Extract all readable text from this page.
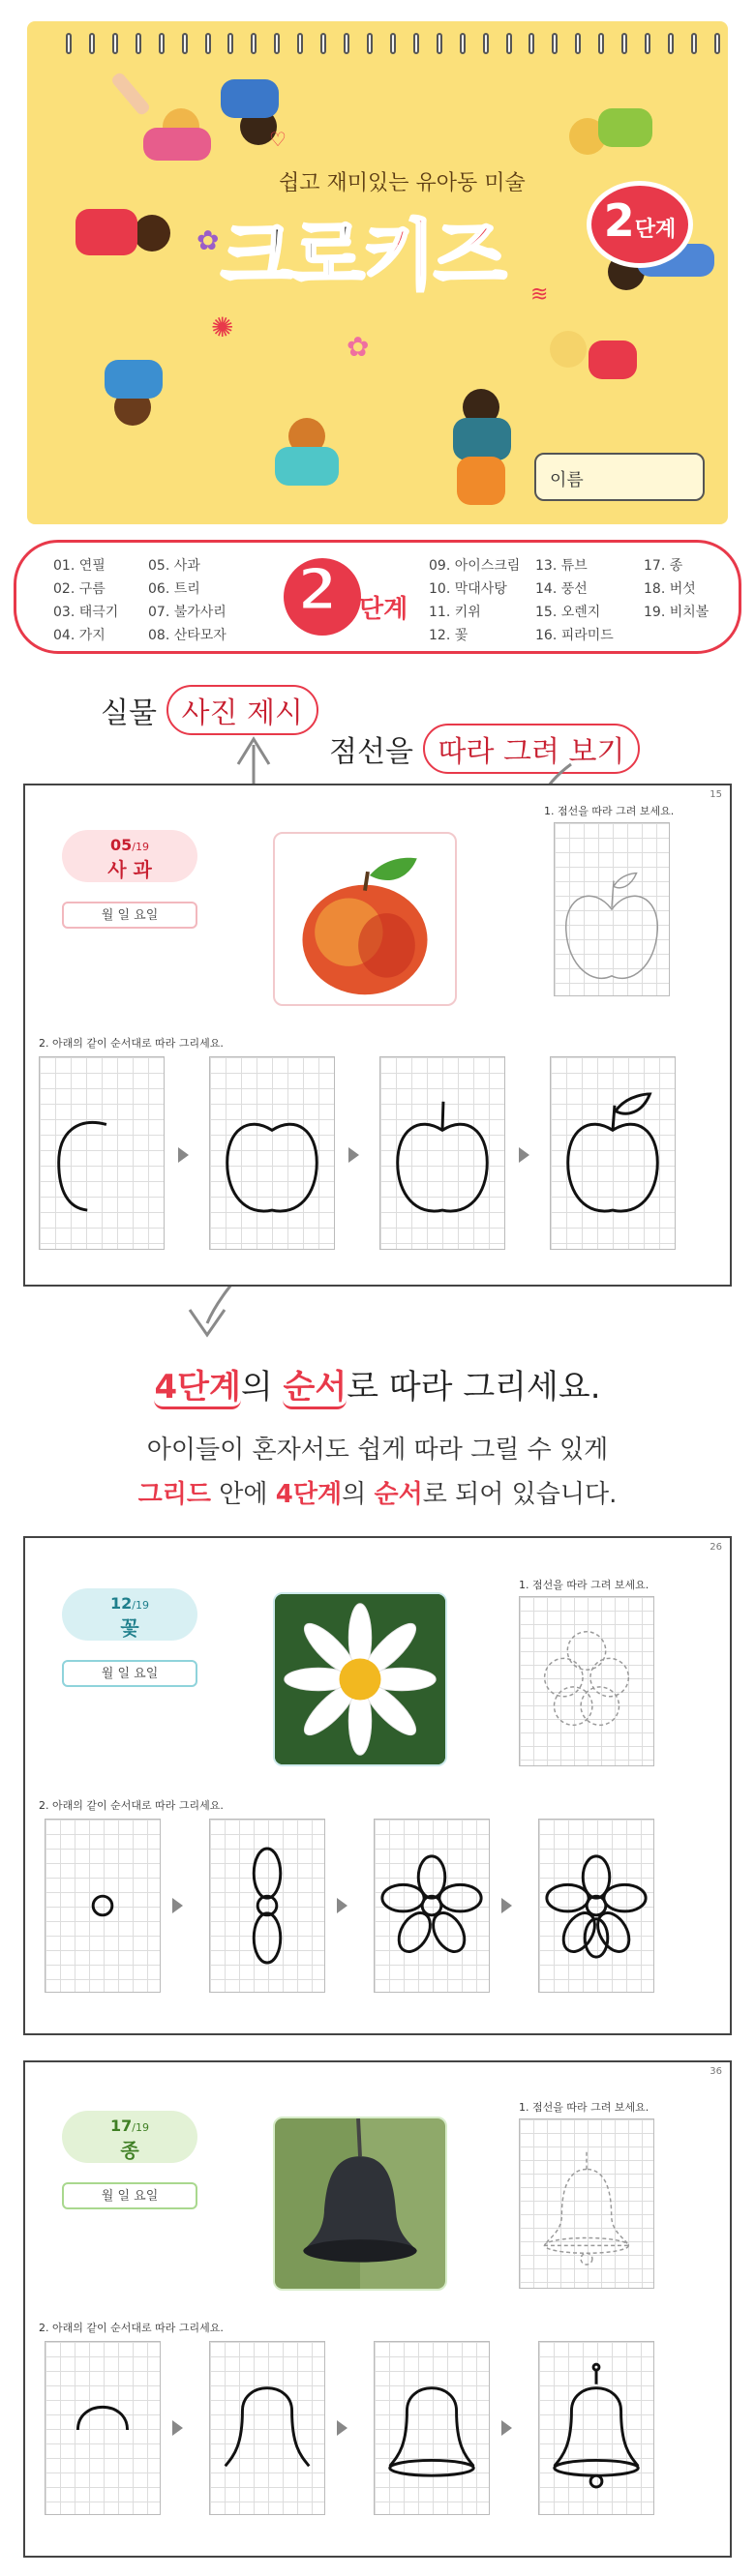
✺
✿
✿
♡
≋
쉽고 재미있는 유아동 미술
크로키즈	2단계
이름
01. 연필
02. 구름
03. 태극기
04. 가지
05. 사과
06. 트리
07. 불가사리
08. 산타모자
2 단계
09. 아이스크림
10. 막대사탕
11. 키위
12. 꽃
13. 튜브
14. 풍선
15. 오렌지
16. 피라미드
17. 종
18. 버섯
19. 비치볼
실물 사진 제시
점선을 따라 그려 보기
15
05/19
사 과
월 일 요일
1. 점선을 따라 그려 보세요.
2. 아래의 같이 순서대로 따라 그리세요.
4단계의 순서로 따라 그리세요.
아이들이 혼자서도 쉽게 따라 그릴 수 있게
그리드 안에 4단계의 순서로 되어 있습니다.
26
12/19
꽃
월 일 요일
1. 점선을 따라 그려 보세요.
2. 아래의 같이 순서대로 따라 그리세요.
36
17/19
종
월 일 요일
1. 점선을 따라 그려 보세요.
2. 아래의 같이 순서대로 따라 그리세요.
